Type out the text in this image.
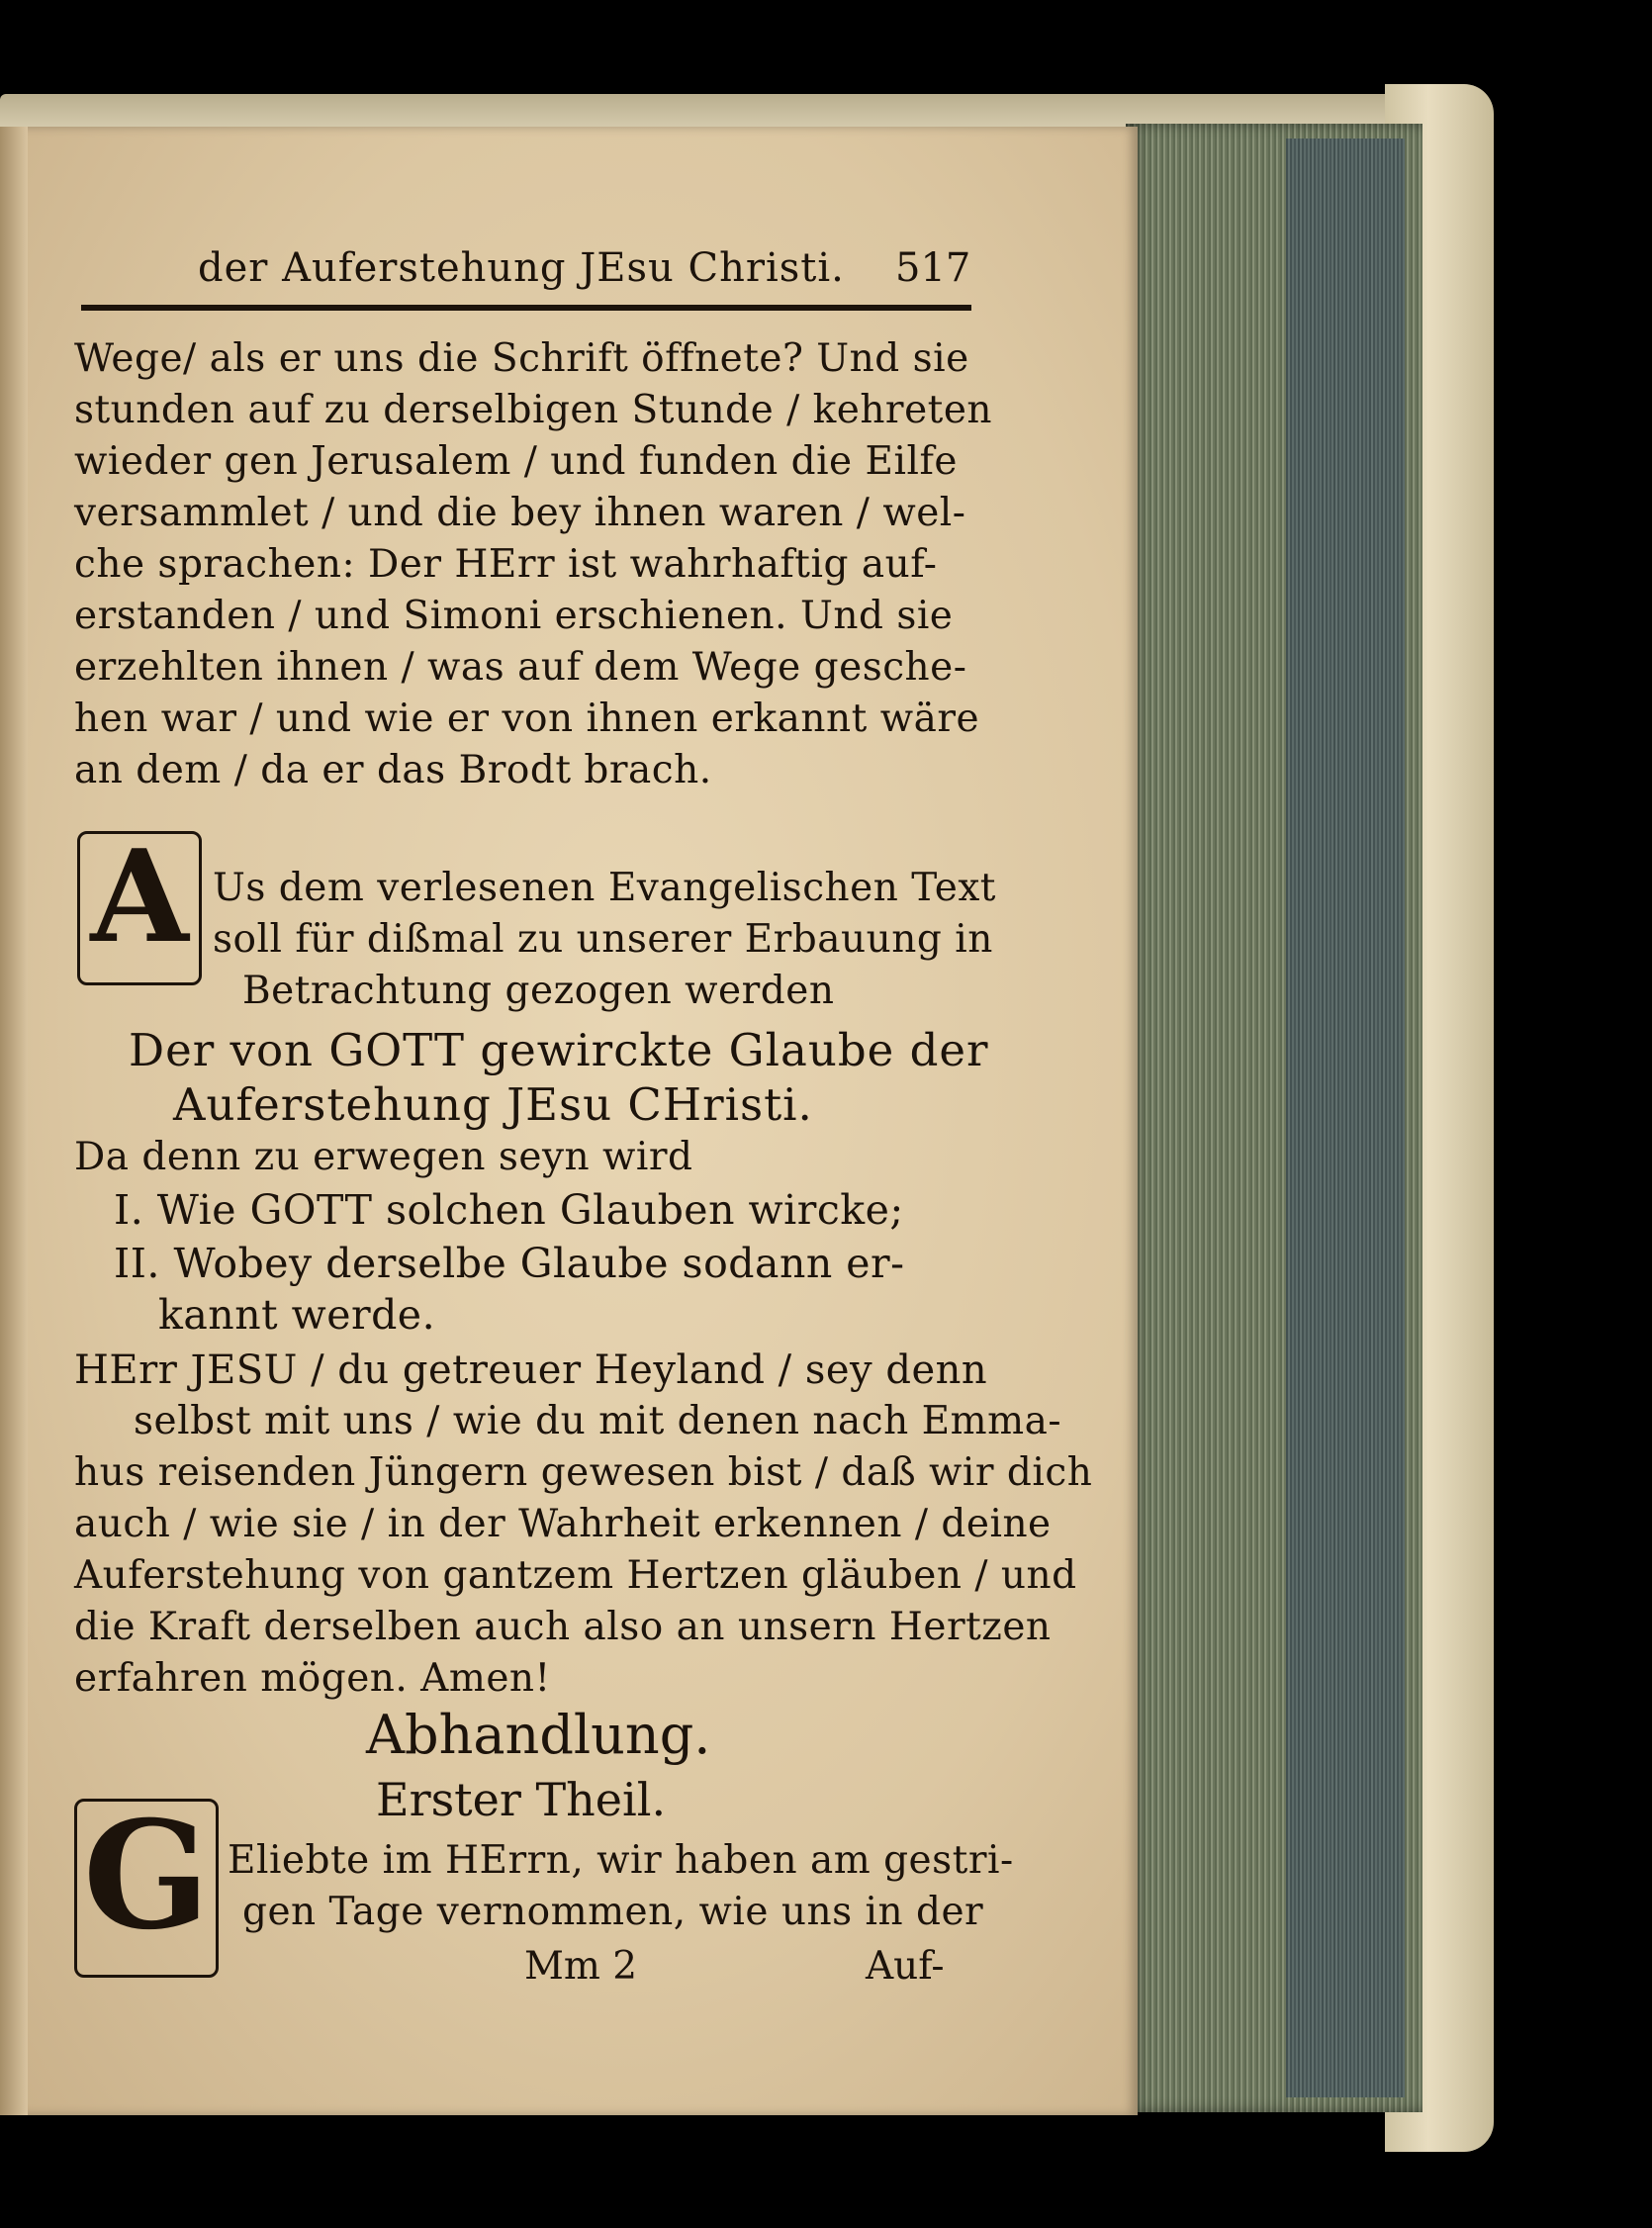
der Auferstehung JEsu Christi. 517
Wege/ als er uns die Schrift öffnete? Und sie
stunden auf zu derselbigen Stunde / kehreten
wieder gen Jerusalem / und funden die Eilfe
versammlet / und die bey ihnen waren / wel-
che sprachen: Der HErr ist wahrhaftig auf-
erstanden / und Simoni erschienen. Und sie
erzehlten ihnen / was auf dem Wege gesche-
hen war / und wie er von ihnen erkannt wäre
an dem / da er das Brodt brach.
A Us dem verlesenen Evangelischen Text
soll für dißmal zu unserer Erbauung in
Betrachtung gezogen werden
Der von GOTT gewirckte Glaube der
Auferstehung JEsu CHristi.
Da denn zu erwegen seyn wird
I. Wie GOTT solchen Glauben wircke;
II. Wobey derselbe Glaube sodann er-
kannt werde.
HErr JESU / du getreuer Heyland / sey denn
selbst mit uns / wie du mit denen nach Emma-
hus reisenden Jüngern gewesen bist / daß wir dich
auch / wie sie / in der Wahrheit erkennen / deine
Auferstehung von gantzem Hertzen gläuben / und
die Kraft derselben auch also an unsern Hertzen
erfahren mögen. Amen!
Abhandlung.
Erster Theil.
G Eliebte im HErrn, wir haben am gestri-
gen Tage vernommen, wie uns in der
Mm 2	Auf-
